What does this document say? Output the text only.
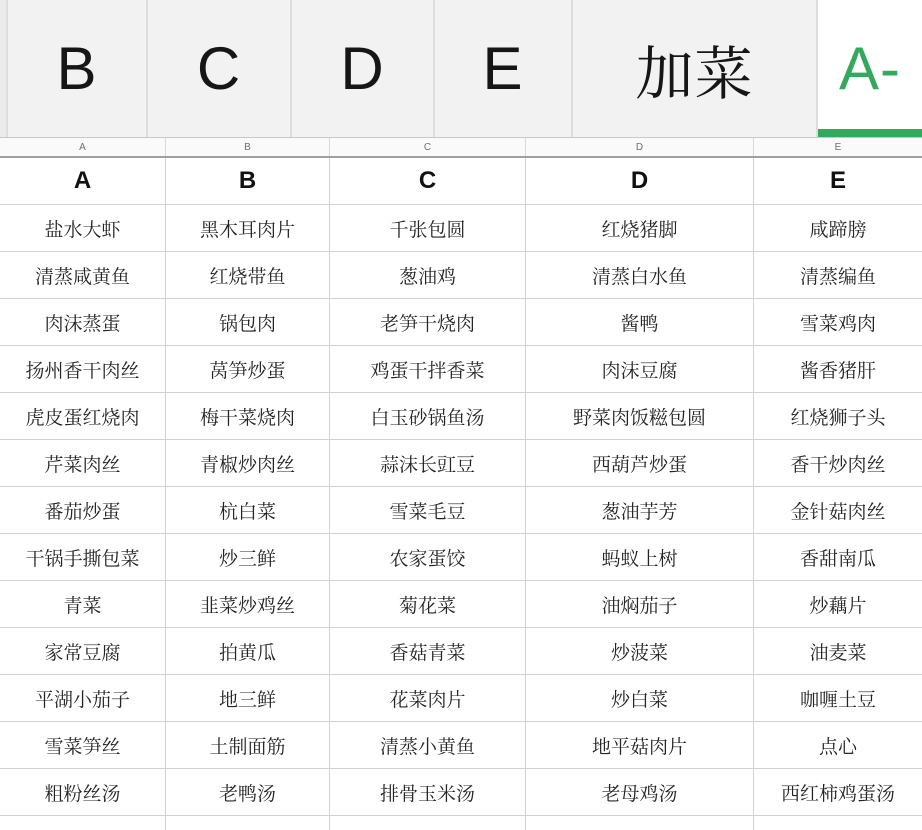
B	C	D	E	加菜	A-
A	B	C	D	E
A	B	C	D	E
盐水大虾	黑木耳肉片	千张包圆	红烧猪脚	咸蹄膀
清蒸咸黄鱼	红烧带鱼	葱油鸡	清蒸白水鱼	清蒸编鱼
肉沫蒸蛋	锅包肉	老笋干烧肉	酱鸭	雪菜鸡肉
扬州香干肉丝	莴笋炒蛋	鸡蛋干拌香菜	肉沫豆腐	酱香猪肝
虎皮蛋红烧肉	梅干菜烧肉	白玉砂锅鱼汤	野菜肉饭糍包圆	红烧狮子头
芹菜肉丝	青椒炒肉丝	蒜沫长豇豆	西葫芦炒蛋	香干炒肉丝
番茄炒蛋	杭白菜	雪菜毛豆	葱油芋芳	金针菇肉丝
干锅手撕包菜	炒三鲜	农家蛋饺	蚂蚁上树	香甜南瓜
青菜	韭菜炒鸡丝	菊花菜	油焖茄子	炒藕片
家常豆腐	拍黄瓜	香菇青菜	炒菠菜	油麦菜
平湖小茄子	地三鲜	花菜肉片	炒白菜	咖喱土豆
雪菜笋丝	土制面筋	清蒸小黄鱼	地平菇肉片	点心
粗粉丝汤	老鸭汤	排骨玉米汤	老母鸡汤	西红柿鸡蛋汤
